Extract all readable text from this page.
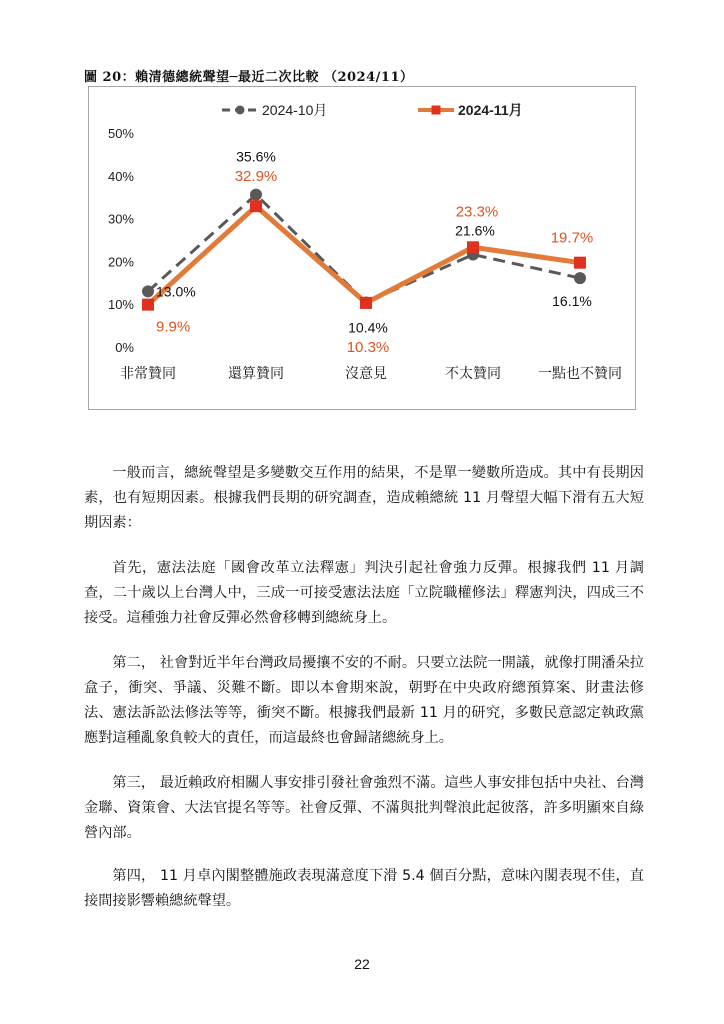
圖 20：賴清德總統聲望─最近二次比較 （2024/11）
0%
10%
20%
30%
40%
50%
非常贊同	還算贊同	沒意見	不太贊同	一點也不贊同
2024-10月	2024-11月
13.0%
35.6%
10.4%
21.6%
16.1%
9.9%
32.9%
10.3%
23.3%
19.7%

一般而言，總統聲望是多變數交互作用的結果，不是單一變數所造成。其中有長期因素，也有短期因素。根據我們長期的研究調查，造成賴總統 11 月聲望大幅下滑有五大短期因素：

首先，憲法法庭「國會改革立法釋憲」判決引起社會強力反彈。根據我們 11 月調查，二十歲以上台灣人中，三成一可接受憲法法庭「立院職權修法」釋憲判決，四成三不接受。這種強力社會反彈必然會移轉到總統身上。

第二， 社會對近半年台灣政局擾攘不安的不耐。只要立法院一開議，就像打開潘朵拉盒子，衝突、爭議、災難不斷。即以本會期來說，朝野在中央政府總預算案、財畫法修法、憲法訴訟法修法等等，衝突不斷。根據我們最新 11 月的研究，多數民意認定執政黨應對這種亂象負較大的責任，而這最終也會歸諸總統身上。

第三， 最近賴政府相關人事安排引發社會強烈不滿。這些人事安排包括中央社、台灣金聯、資策會、大法官提名等等。社會反彈、不滿與批判聲浪此起彼落，許多明顯來自綠營內部。

第四， 11 月卓內閣整體施政表現滿意度下滑 5.4 個百分點，意味內閣表現不佳，直接間接影響賴總統聲望。

22
